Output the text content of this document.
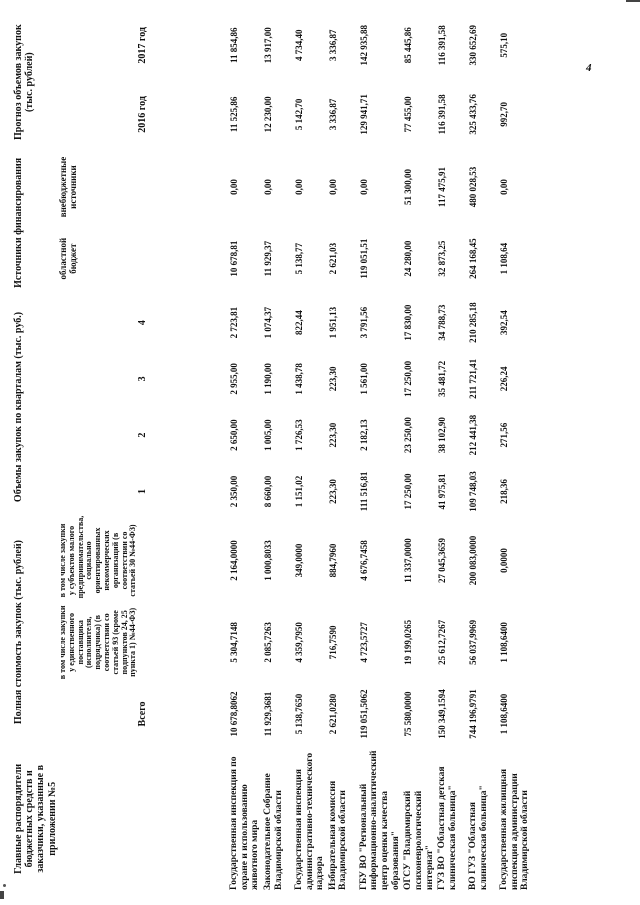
4
Главные распорядители бюджетных средств и заказчики, указанные в приложении №5	Полная стоимость закупок (тыс. рублей)			Объемы закупок по кварталам (тыс. руб.)				Источники финансирования		Прогноз объемов закупок (тыс. рублей)	
	Всего	в том числе закупки у единственного поставщика (исполнителя, подрядчика) (в соответствии со статьей 93 (кроме подпунктов 24, 25 пункта 1) №44-ФЗ)	в том числе закупки у субъектов малого предпринимательства, социально ориентированных некоммерческих организаций (в соответствии со статьей 30 №44-ФЗ)	1	2	3	4	областной бюджет	внебюджетные источники	2016 год	2017 год
Государственная инспекция по охране и использованию животного мира	10 678,8062	5 304,7148	2 164,0000	2 350,00	2 650,00	2 955,00	2 723,81	10 678,81	0,00	11 525,86	11 854,86
Законодательное Собрание Владимирской области	11 929,3681	2 085,7263	1 000,8033	8 660,00	1 005,00	1 190,00	1 074,37	11 929,37	0,00	12 230,00	13 917,00
Государственная инспекция административно-технического надзора	5 138,7650	4 359,7950	349,0000	1 151,02	1 726,53	1 438,78	822,44	5 138,77	0,00	5 142,70	4 734,40
Избирательная комиссия Владимирской области	2 621,0280	716,7590	884,7960	223,30	223,30	223,30	1 951,13	2 621,03	0,00	3 336,87	3 336,87
ГБУ ВО "Региональный информационно-аналитический центр оценки качества образования"	119 051,5062	4 723,5727	4 676,7458	111 516,81	2 182,13	1 561,00	3 791,56	119 051,51	0,00	129 941,71	142 935,88
ОГСУ "Владимирский психоневрологический интернат"	75 580,0000	19 199,0265	11 337,0000	17 250,00	23 250,00	17 250,00	17 830,00	24 280,00	51 300,00	77 455,00	85 445,86
ГУЗ ВО "Областная детская клиническая больница"	150 349,1594	25 612,7267	27 045,3659	41 975,81	38 102,90	35 481,72	34 788,73	32 873,25	117 475,91	116 391,58	116 391,58
ВО ГУЗ "Областная клиническая больница"	744 196,9791	56 037,9969	200 083,0000	109 748,03	212 441,38	211 721,41	210 285,18	264 168,45	480 028,53	325 433,76	330 652,69
Государственная жилищная инспекция администрации Владимирской области	1 108,6400	1 108,6400	0,0000	218,36	271,56	226,24	392,54	1 108,64	0,00	992,70	575,10
